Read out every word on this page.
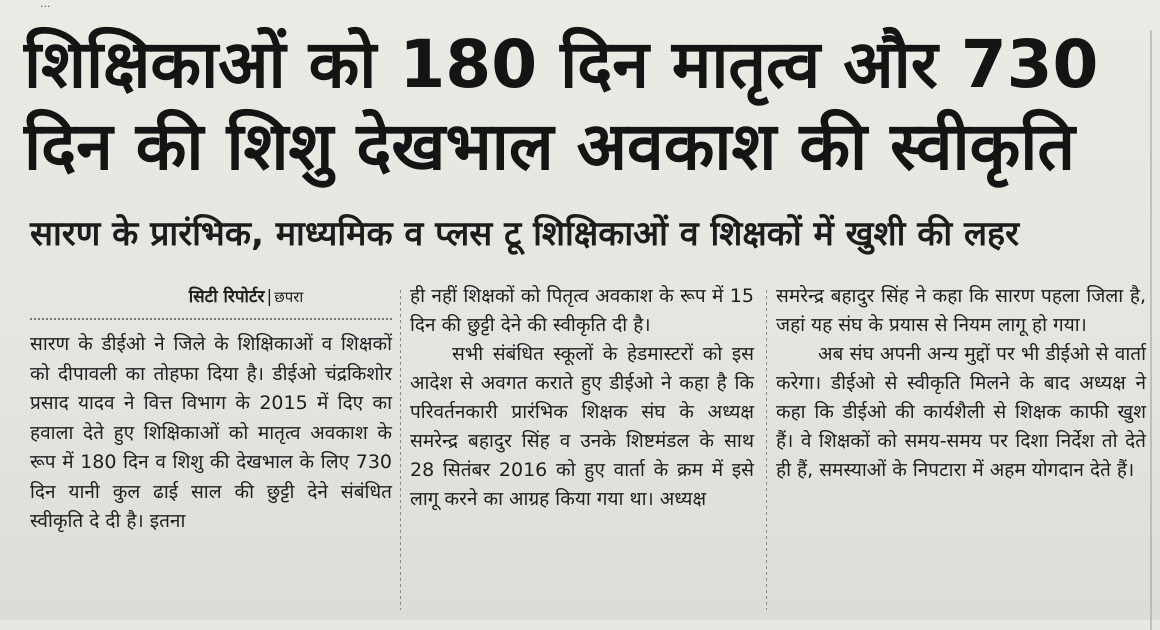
...
शिक्षिकाओं को 180 दिन मातृत्व और 730
दिन की शिशु देखभाल अवकाश की स्वीकृति
सारण के प्रारंभिक, माध्यमिक व प्लस टू शिक्षिकाओं व शिक्षकों में खुशी की लहर
सिटी रिपोर्टर | छपरा

सारण के डीईओ ने जिले के शिक्षिकाओं व शिक्षकों को दीपावली का तोहफा दिया है। डीईओ चंद्रकिशोर प्रसाद यादव ने वित्त विभाग के 2015 में दिए का हवाला देते हुए शिक्षिकाओं को मातृत्व अवकाश के रूप में 180 दिन व शिशु की देखभाल के लिए 730 दिन यानी कुल ढाई साल की छुट्टी देने संबंधित स्वीकृति दे दी है। इतना

ही नहीं शिक्षकों को पितृत्व अवकाश के रूप में 15 दिन की छुट्टी देने की स्वीकृति दी है।

सभी संबंधित स्कूलों के हेडमास्टरों को इस आदेश से अवगत कराते हुए डीईओ ने कहा है कि परिवर्तनकारी प्रारंभिक शिक्षक संघ के अध्यक्ष समरेन्द्र बहादुर सिंह व उनके शिष्टमंडल के साथ 28 सितंबर 2016 को हुए वार्ता के क्रम में इसे लागू करने का आग्रह किया गया था। अध्यक्ष

समरेन्द्र बहादुर सिंह ने कहा कि सारण पहला जिला है, जहां यह संघ के प्रयास से नियम लागू हो गया।

अब संघ अपनी अन्य मुद्दों पर भी डीईओ से वार्ता करेगा। डीईओ से स्वीकृति मिलने के बाद अध्यक्ष ने कहा कि डीईओ की कार्यशैली से शिक्षक काफी खुश हैं। वे शिक्षकों को समय-समय पर दिशा निर्देश तो देते ही हैं, समस्याओं के निपटारा में अहम योगदान देते हैं।
